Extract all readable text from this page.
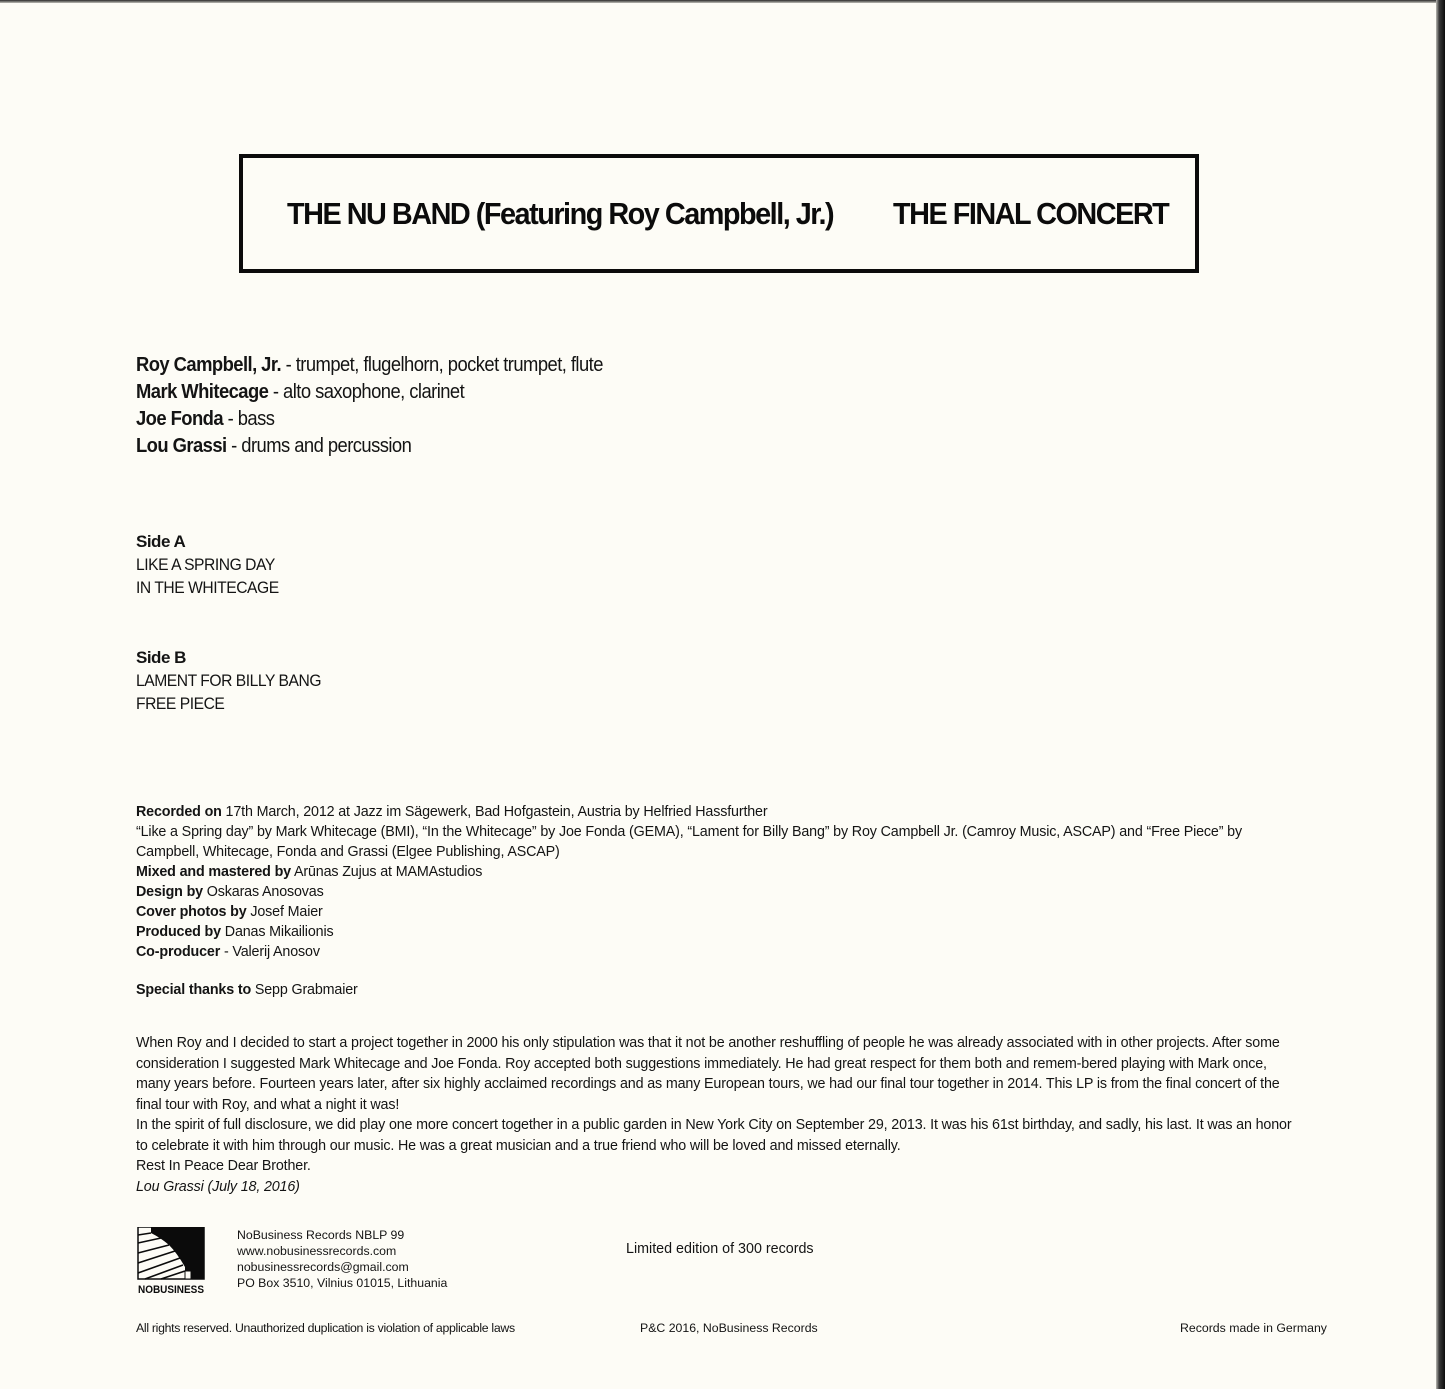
THE NU BAND (Featuring Roy Campbell, Jr.) THE FINAL CONCERT
Roy Campbell, Jr. - trumpet, flugelhorn, pocket trumpet, flute
Mark Whitecage - alto saxophone, clarinet
Joe Fonda - bass
Lou Grassi - drums and percussion
Side A
LIKE A SPRING DAY
IN THE WHITECAGE
Side B
LAMENT FOR BILLY BANG
FREE PIECE
Recorded on 17th March, 2012 at Jazz im Sägewerk, Bad Hofgastein, Austria by Helfried Hassfurther
“Like a Spring day” by Mark Whitecage (BMI), “In the Whitecage” by Joe Fonda (GEMA), “Lament for Billy Bang” by Roy Campbell Jr. (Camroy Music, ASCAP) and “Free Piece” by
Campbell, Whitecage, Fonda and Grassi (Elgee Publishing, ASCAP)
Mixed and mastered by Arūnas Zujus at MAMAstudios
Design by Oskaras Anosovas
Cover photos by Josef Maier
Produced by Danas Mikailionis
Co-producer - Valerij Anosov
Special thanks to Sepp Grabmaier

When Roy and I decided to start a project together in 2000 his only stipulation was that it not be another reshuffling of people he was already associated with in other projects. After some consideration I suggested Mark Whitecage and Joe Fonda. Roy accepted both suggestions immediately. He had great respect for them both and remem-bered playing with Mark once, many years before. Fourteen years later, after six highly acclaimed recordings and as many European tours, we had our final tour together in 2014. This LP is from the final concert of the final tour with Roy, and what a night it was!

In the spirit of full disclosure, we did play one more concert together in a public garden in New York City on September 29, 2013. It was his 61st birthday, and sadly, his last. It was an honor to celebrate it with him through our music. He was a great musician and a true friend who will be loved and missed eternally.

Rest In Peace Dear Brother.

Lou Grassi (July 18, 2016)

NOBUSINESS
NoBusiness Records NBLP 99
www.nobusinessrecords.com
nobusinessrecords@gmail.com
PO Box 3510, Vilnius 01015, Lithuania
Limited edition of 300 records
All rights reserved. Unauthorized duplication is violation of applicable laws	P&C 2016, NoBusiness Records	Records made in Germany
